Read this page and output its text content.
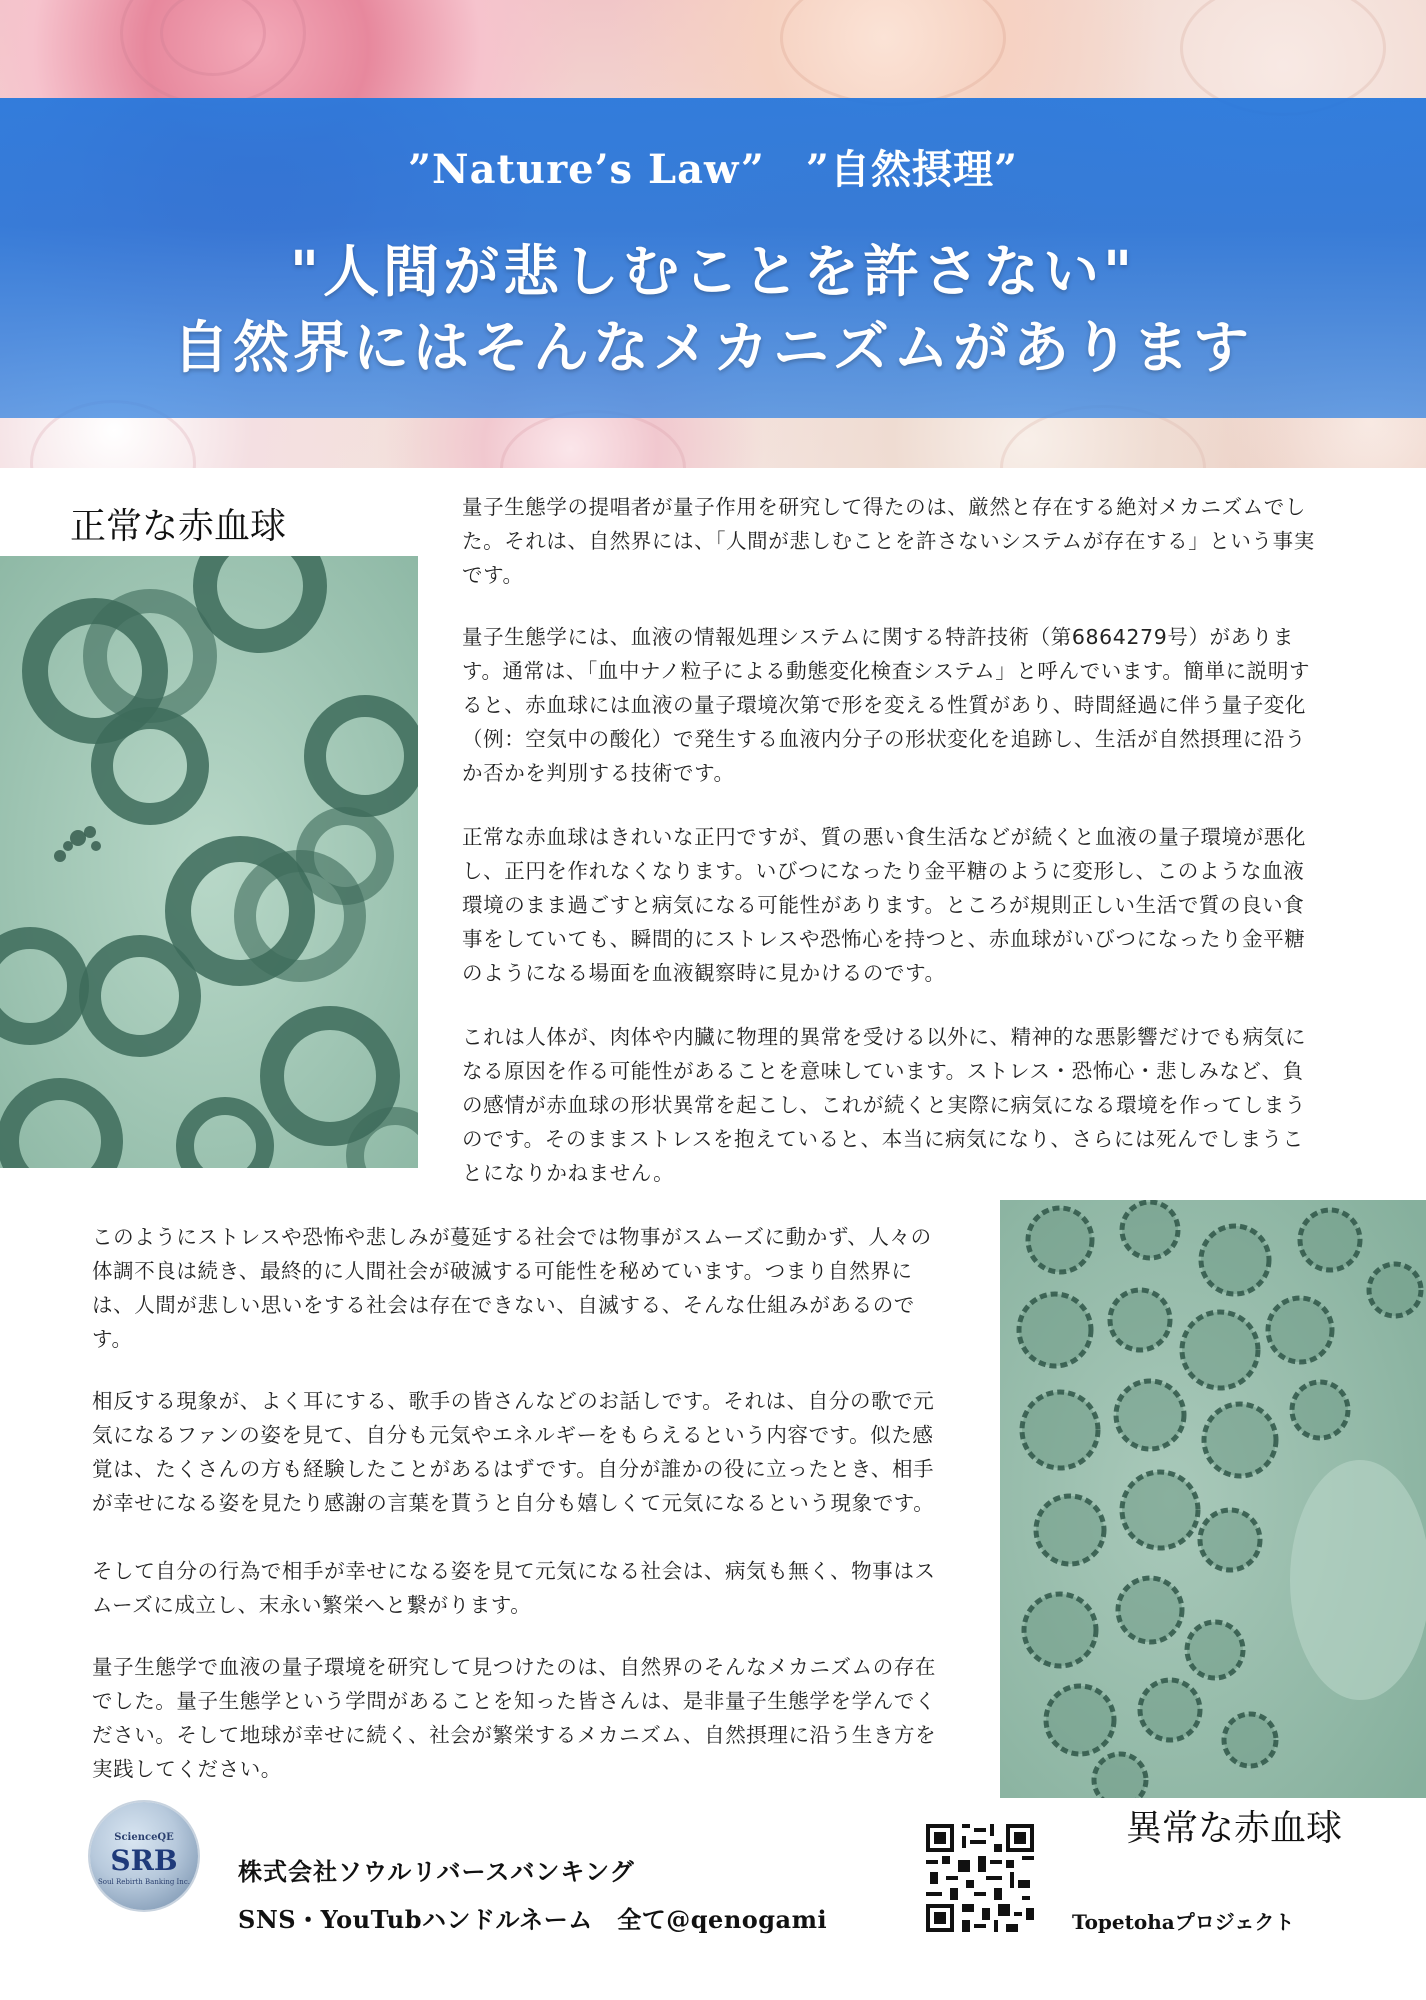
”Nature’s Law”　”自然摂理”
"人間が悲しむことを許さない"
自然界にはそんなメカニズムがあります
正常な赤血球	量子生態学の提唱者が量子作用を研究して得たのは、厳然と存在する絶対メカニズムでした。それは、自然界には、「人間が悲しむことを許さないシステムが存在する」という事実です。

量子生態学には、血液の情報処理システムに関する特許技術（第6864279号）があります。通常は、「血中ナノ粒子による動態変化検査システム」と呼んでいます。簡単に説明すると、赤血球には血液の量子環境次第で形を変える性質があり、時間経過に伴う量子変化（例：空気中の酸化）で発生する血液内分子の形状変化を追跡し、生活が自然摂理に沿うか否かを判別する技術です。

正常な赤血球はきれいな正円ですが、質の悪い食生活などが続くと血液の量子環境が悪化し、正円を作れなくなります。いびつになったり金平糖のように変形し、このような血液環境のまま過ごすと病気になる可能性があります。ところが規則正しい生活で質の良い食事をしていても、瞬間的にストレスや恐怖心を持つと、赤血球がいびつになったり金平糖のようになる場面を血液観察時に見かけるのです。

これは人体が、肉体や内臓に物理的異常を受ける以外に、精神的な悪影響だけでも病気になる原因を作る可能性があることを意味しています。ストレス・恐怖心・悲しみなど、負の感情が赤血球の形状異常を起こし、これが続くと実際に病気になる環境を作ってしまうのです。そのままストレスを抱えていると、本当に病気になり、さらには死んでしまうことになりかねません。

このようにストレスや恐怖や悲しみが蔓延する社会では物事がスムーズに動かず、人々の体調不良は続き、最終的に人間社会が破滅する可能性を秘めています。つまり自然界には、人間が悲しい思いをする社会は存在できない、自滅する、そんな仕組みがあるのです。

相反する現象が、よく耳にする、歌手の皆さんなどのお話しです。それは、自分の歌で元気になるファンの姿を見て、自分も元気やエネルギーをもらえるという内容です。似た感覚は、たくさんの方も経験したことがあるはずです。自分が誰かの役に立ったとき、相手が幸せになる姿を見たり感謝の言葉を貰うと自分も嬉しくて元気になるという現象です。

そして自分の行為で相手が幸せになる姿を見て元気になる社会は、病気も無く、物事はスムーズに成立し、末永い繁栄へと繋がります。

量子生態学で血液の量子環境を研究して見つけたのは、自然界のそんなメカニズムの存在でした。量子生態学という学問があることを知った皆さんは、是非量子生態学を学んでください。そして地球が幸せに続く、社会が繁栄するメカニズム、自然摂理に沿う生き方を実践してください。

異常な赤血球
ScienceQE
SRB
Soul Rebirth Banking Inc.	株式会社ソウルリバースバンキング
SNS・YouTubハンドルネーム　全て@qenogami	Topetohaプロジェクト
